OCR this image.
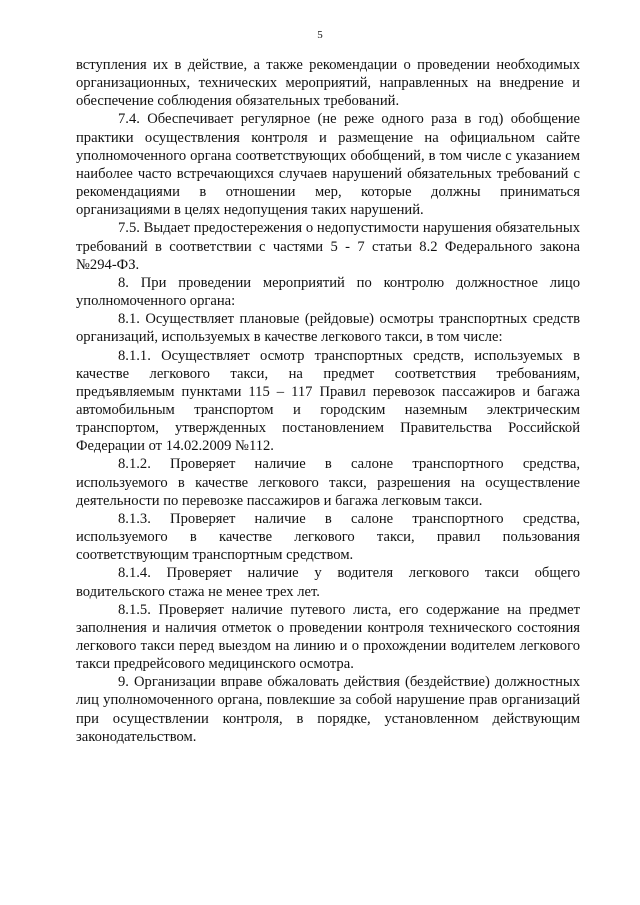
5

вступления их в действие, а также рекомендации о проведении необходимых организационных, технических мероприятий, направленных на внедрение и обеспечение соблюдения обязательных требований.

7.4. Обеспечивает регулярное (не реже одного раза в год) обобщение практики осуществления контроля и размещение на официальном сайте уполномоченного органа соответствующих обобщений, в том числе с указанием наиболее часто встречающихся случаев нарушений обязательных требований с рекомендациями в отношении мер, которые должны приниматься организациями в целях недопущения таких нарушений.

7.5. Выдает предостережения о недопустимости нарушения обязательных требований в соответствии с частями 5 - 7 статьи 8.2 Федерального закона №294-ФЗ.

8. При проведении мероприятий по контролю должностное лицо уполномоченного органа:

8.1. Осуществляет плановые (рейдовые) осмотры транспортных средств организаций, используемых в качестве легкового такси, в том числе:

8.1.1. Осуществляет осмотр транспортных средств, используемых в качестве легкового такси, на предмет соответствия требованиям, предъявляемым пунктами 115 – 117 Правил перевозок пассажиров и багажа автомобильным транспортом и городским наземным электрическим транспортом, утвержденных постановлением Правительства Российской Федерации от 14.02.2009 №112.

8.1.2. Проверяет наличие в салоне транспортного средства, используемого в качестве легкового такси, разрешения на осуществление деятельности по перевозке пассажиров и багажа легковым такси.

8.1.3. Проверяет наличие в салоне транспортного средства, используемого в качестве легкового такси, правил пользования соответствующим транспортным средством.

8.1.4. Проверяет наличие у водителя легкового такси общего водительского стажа не менее трех лет.

8.1.5. Проверяет наличие путевого листа, его содержание на предмет заполнения и наличия отметок о проведении контроля технического состояния легкового такси перед выездом на линию и о прохождении водителем легкового такси предрейсового медицинского осмотра.

9. Организации вправе обжаловать действия (бездействие) должностных лиц уполномоченного органа, повлекшие за собой нарушение прав организаций при осуществлении контроля, в порядке, установленном действующим законодательством.
